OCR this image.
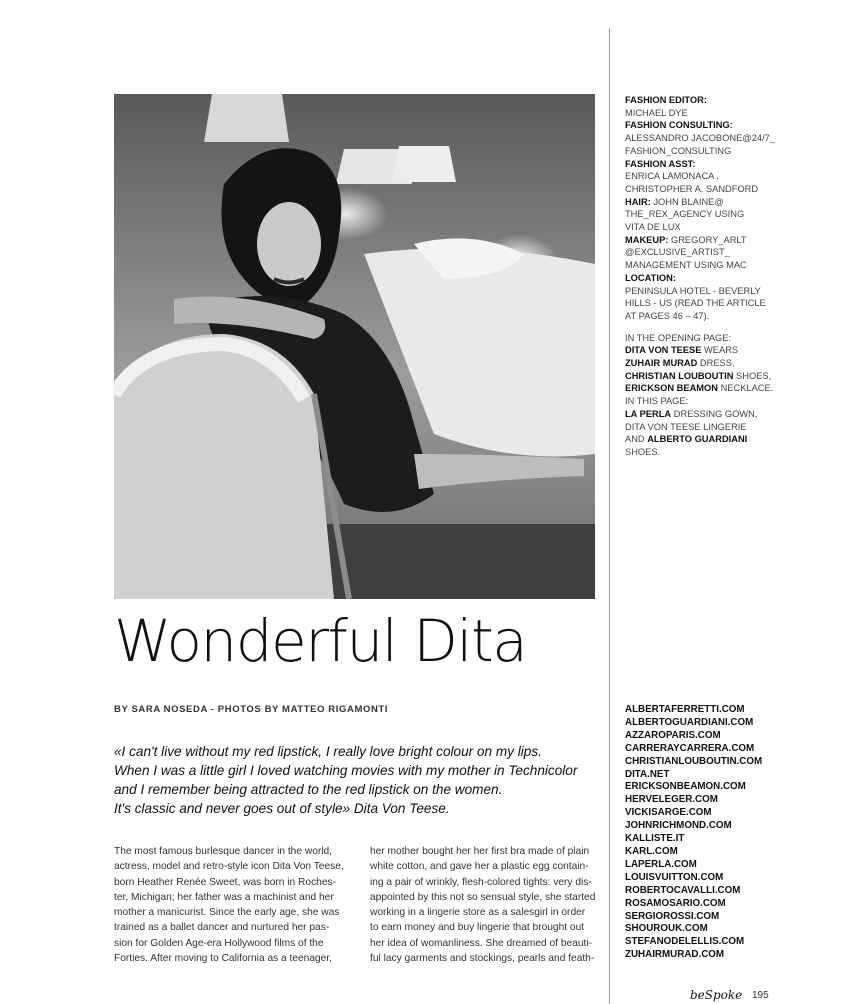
Wonderful Dita
BY SARA NOSEDA - PHOTOS BY MATTEO RIGAMONTI
«I can't live without my red lipstick, I really love bright colour on my lips.
When I was a little girl I loved watching movies with my mother in Technicolor
and I remember being attracted to the red lipstick on the women.
It's classic and never goes out of style» Dita Von Teese.
The most famous burlesque dancer in the world,
actress, model and retro-style icon Dita Von Teese,
born Heather Renée Sweet, was born in Roches-
ter, Michigan; her father was a machinist and her
mother a manicurist. Since the early age, she was
trained as a ballet dancer and nurtured her pas-
sion for Golden Age-era Hollywood films of the
Forties. After moving to California as a teenager,
her mother bought her her first bra made of plain
white cotton, and gave her a plastic egg contain-
ing a pair of wrinkly, flesh-colored tights: very dis-
appointed by this not so sensual style, she started
working in a lingerie store as a salesgirl in order
to earn money and buy lingerie that brought out
her idea of womanliness. She dreamed of beauti-
ful lacy garments and stockings, pearls and feath-
FASHION EDITOR:
MICHAEL DYE
FASHION CONSULTING:
ALESSANDRO JACOBONE@24/7_
FASHION_CONSULTING
FASHION ASST:
ENRICA LAMONACA ,
CHRISTOPHER A. SANDFORD
HAIR: JOHN BLAINE@
THE_REX_AGENCY USING
VITA DE LUX
MAKEUP: GREGORY_ARLT
@EXCLUSIVE_ARTIST_
MANAGEMENT USING MAC
LOCATION:
PENINSULA HOTEL - BEVERLY
HILLS - US (READ THE ARTICLE
AT PAGES 46 – 47).
IN THE OPENING PAGE:
DITA VON TEESE WEARS
ZUHAIR MURAD DRESS,
CHRISTIAN LOUBOUTIN SHOES,
ERICKSON BEAMON NECKLACE.
IN THIS PAGE:
LA PERLA DRESSING GOWN,
DITA VON TEESE LINGERIE
AND ALBERTO GUARDIANI
SHOES.
ALBERTAFERRETTI.COM
ALBERTOGUARDIANI.COM
AZZAROPARIS.COM
CARRERAYCARRERA.COM
CHRISTIANLOUBOUTIN.COM
DITA.NET
ERICKSONBEAMON.COM
HERVELEGER.COM
VICKISARGE.COM
JOHNRICHMOND.COM
KALLISTE.IT
KARL.COM
LAPERLA.COM
LOUISVUITTON.COM
ROBERTOCAVALLI.COM
ROSAMOSARIO.COM
SERGIOROSSI.COM
SHOUROUK.COM
STEFANODELELLIS.COM
ZUHAIRMURAD.COM
beSpoke 195
